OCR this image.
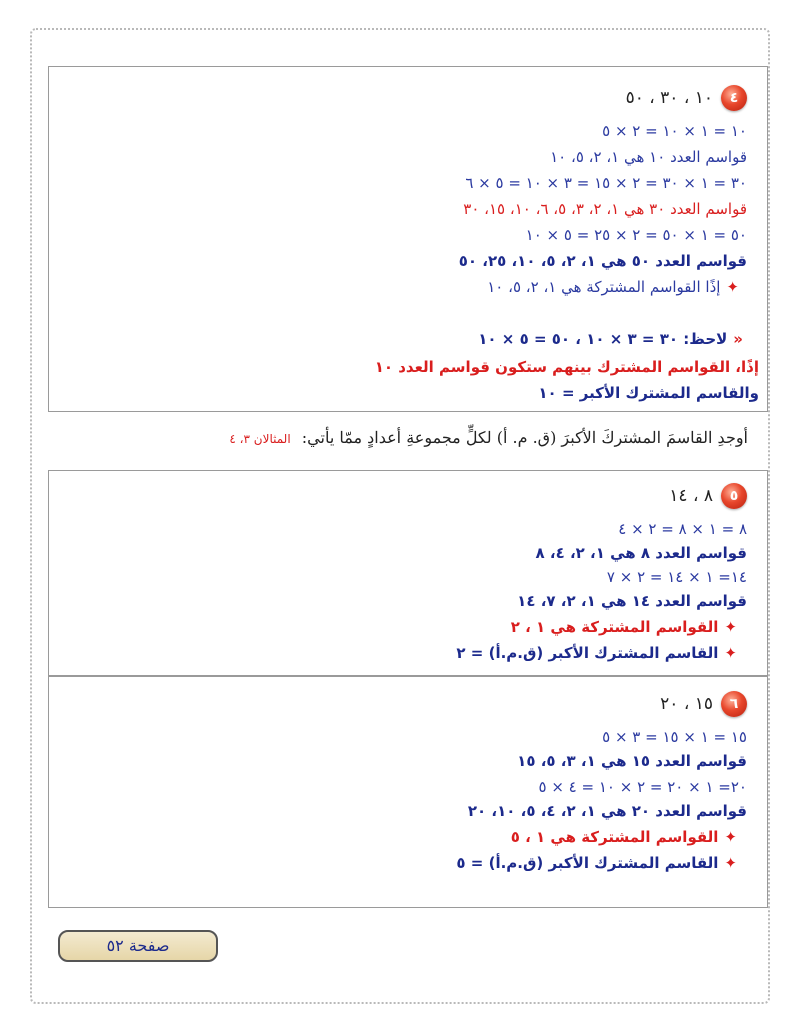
٤١٠ ، ٣٠ ، ٥٠
١٠ = ١ × ١٠ = ٢ × ٥
قواسم العدد ١٠ هي ١، ٢، ٥، ١٠
٣٠ = ١ × ٣٠ = ٢ × ١٥ = ٣ × ١٠ = ٥ × ٦
قواسم العدد ٣٠ هي ١، ٢، ٣، ٥، ٦، ١٠، ١٥، ٣٠
٥٠ = ١ × ٥٠ = ٢ × ٢٥ = ٥ × ١٠
قواسم العدد ٥٠ هي ١، ٢، ٥، ١٠، ٢٥، ٥٠
✦إذًا القواسم المشتركة هي ١، ٢، ٥، ١٠
«لاحظ: ٣٠ = ٣ × ١٠ ، ٥٠ = ٥ × ١٠
إذًا، القواسم المشترك بينهم ستكون قواسم العدد ١٠
والقاسم المشترك الأكبر = ١٠
أوجدِ القاسمَ المشتركَ الأكبرَ (ق. م. أ) لكلٍّ مجموعةِ أعدادٍ ممّا يأتي: المثالان ٣، ٤
٥٨ ، ١٤
٨ = ١ × ٨ = ٢ × ٤
قواسم العدد ٨ هي ١، ٢، ٤، ٨
١٤= ١ × ١٤ = ٢ × ٧
قواسم العدد ١٤ هي ١، ٢، ٧، ١٤
✦القواسم المشتركة هي ١ ، ٢
✦القاسم المشترك الأكبر (ق.م.أ) = ٢
٦١٥ ، ٢٠
١٥ = ١ × ١٥ = ٣ × ٥
قواسم العدد ١٥ هي ١، ٣، ٥، ١٥
٢٠= ١ × ٢٠ = ٢ × ١٠ = ٤ × ٥
قواسم العدد ٢٠ هي ١، ٢، ٤، ٥، ١٠، ٢٠
✦القواسم المشتركة هي ١ ، ٥
✦القاسم المشترك الأكبر (ق.م.أ) = ٥
صفحة ٥٢
